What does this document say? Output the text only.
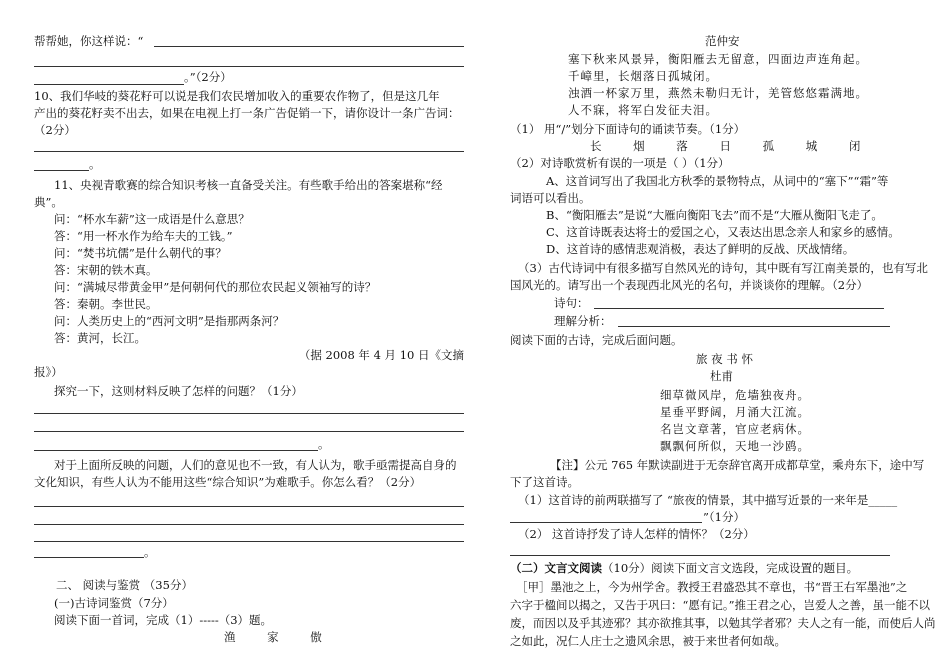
帮帮她，你这样说：“
。”（2分）
10、我们华岐的葵花籽可以说是我们农民增加收入的重要农作物了，但是这几年
产出的葵花籽卖不出去，如果在电视上打一条广告促销一下，请你设计一条广告词：
（2分）
。
11、央视青歌赛的综合知识考核一直备受关注。有些歌手给出的答案堪称“经
典”。
问：“杯水车薪”这一成语是什么意思？
答：“用一杯水作为给车夫的工钱。”
问：“焚书坑儒”是什么朝代的事？
答：宋朝的铁木真。
问：“满城尽带黄金甲”是何朝何代的那位农民起义领袖写的诗？
答：秦朝。李世民。
问：人类历史上的“西河文明”是指那两条河？
答：黄河，长江。
（据 2008 年 4 月 10 日《文摘
报》）
探究一下，这则材料反映了怎样的问题？（1分）
。
对于上面所反映的问题，人们的意见也不一致，有人认为，歌手亟需提高自身的
文化知识，有些人认为不能用这些“综合知识”为难歌手。你怎么看？（2分）
。
二、 阅读与鉴赏 （35分）
(一)古诗词鉴赏（7分）
阅读下面一首词，完成（1）-----（3）题。
渔 家 傲
范仲安
塞下秋来风景异，衡阳雁去无留意，四面边声连角起。
千嶂里，长烟落日孤城闭。
浊酒一杯家万里，燕然未勒归无计，羌管悠悠霜满地。
人不寐，将军白发征夫泪。
（1） 用“/”划分下面诗句的诵读节奏。（1分）
长 烟 落 日 孤 城 闭
（2）对诗歌赏析有误的一项是（ ）（1分）
A、这首词写出了我国北方秋季的景物特点，从词中的“塞下”“霜”等
词语可以看出。
B、“衡阳雁去”是说“大雁向衡阳飞去”而不是“大雁从衡阳飞走了。
C、这首诗既表达将士的爱国之心，又表达出思念亲人和家乡的感情。
D、这首诗的感情悲观消极，表达了鲜明的反战、厌战情绪。
（3）古代诗词中有很多描写自然风光的诗句，其中既有写江南美景的，也有写北
国风光的。请写出一个表现西北风光的名句，并谈谈你的理解。（2分）
诗句：
理解分析：
阅读下面的古诗，完成后面问题。
旅 夜 书 怀
杜甫
细草微风岸，危墙独夜舟。
星垂平野阔，月涌大江流。
名岂文章著，官应老病休。
飘飘何所似，天地一沙鸥。
【注】公元 765 年默读副进于无奈辞官离开成都草堂，乘舟东下，途中写
下了这首诗。
（1）这首诗的前两联描写了 “旅夜的情景，其中描写近景的一来年是_____
”（1分）
（2） 这首诗抒发了诗人怎样的情怀？（2分）
（二）文言文阅读（10分）阅读下面文言文选段，完成设置的题目。
［甲］墨池之上，今为州学舍。教授王君盛恐其不章也，书“晋王右军墨池”之
六字于楹间以揭之，又告于巩曰：“愿有记。”推王君之心，岂爱人之善，虽一能不以
废，而因以及乎其迹邪？其亦欲推其事，以勉其学者邪？夫人之有一能，而使后人尚
之如此，况仁人庄士之遗风余思，被于来世者何如哉。
